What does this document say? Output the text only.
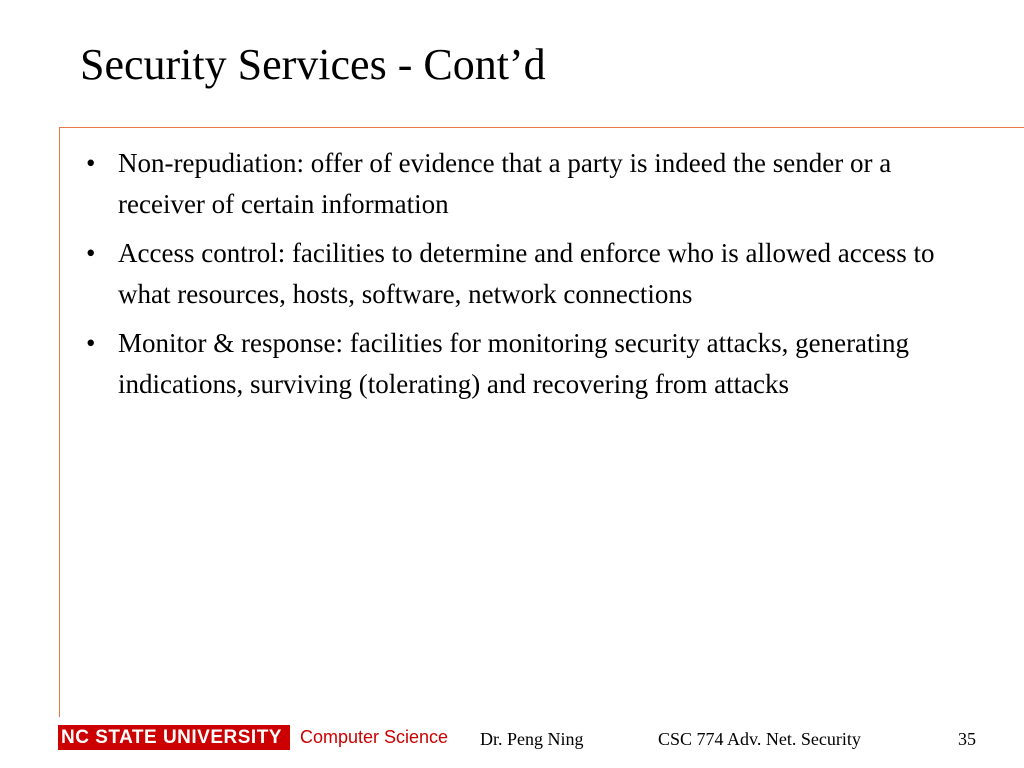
Security Services - Cont’d
• Non-repudiation: offer of evidence that a party is indeed the sender or a receiver of certain information
• Access control: facilities to determine and enforce who is allowed access to what resources, hosts, software, network connections
• Monitor & response: facilities for monitoring security attacks, generating indications, surviving (tolerating) and recovering from attacks
NC STATE UNIVERSITY	Computer Science Dr. Peng Ning	CSC 774 Adv. Net. Security	35
